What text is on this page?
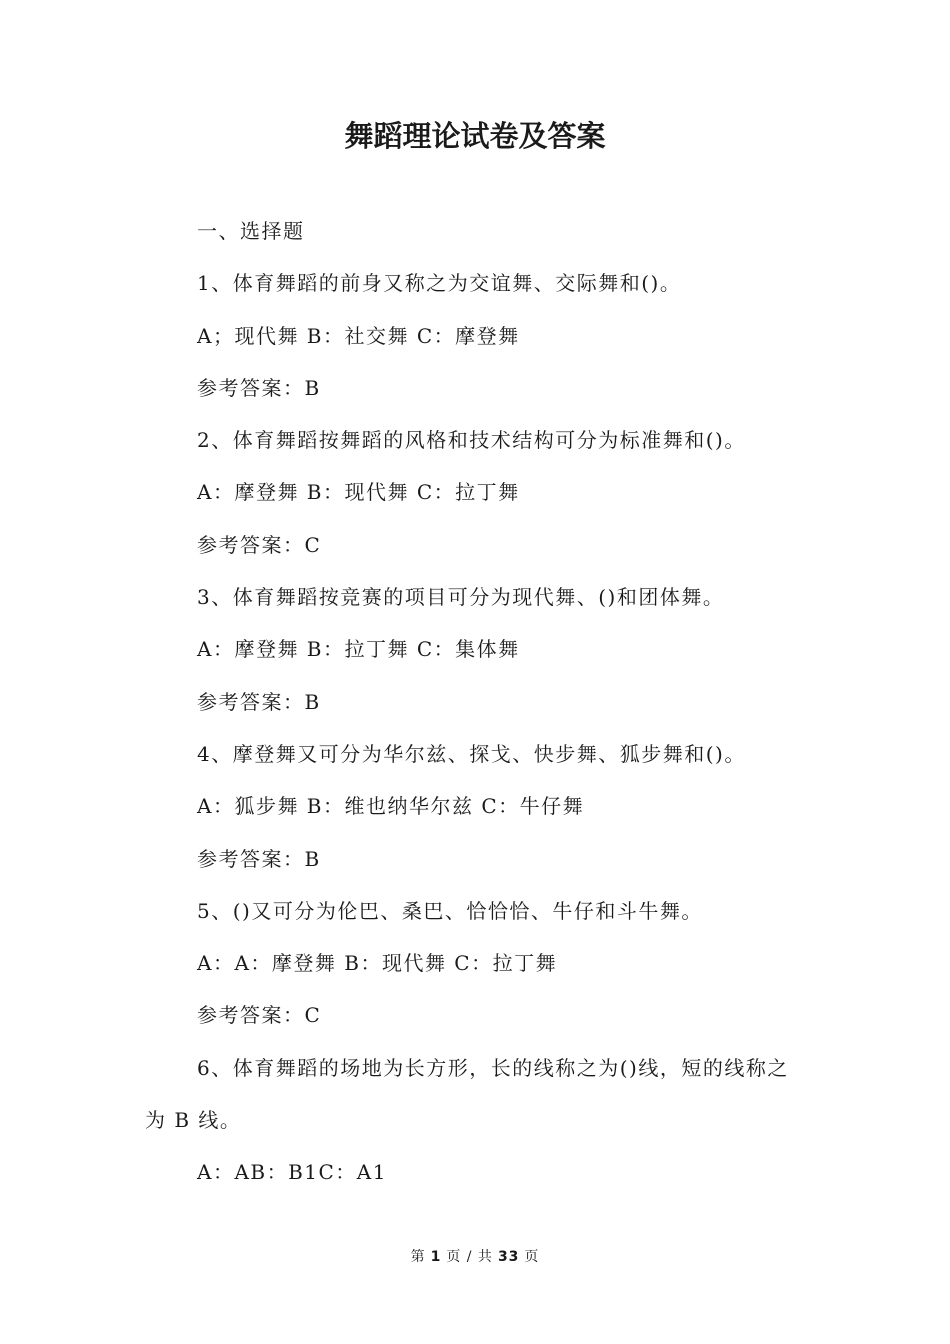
舞蹈理论试卷及答案

一、选择题

1、体育舞蹈的前身又称之为交谊舞、交际舞和()。

A；现代舞 B：社交舞 C：摩登舞

参考答案：B

2、体育舞蹈按舞蹈的风格和技术结构可分为标准舞和()。

A：摩登舞 B：现代舞 C：拉丁舞

参考答案：C

3、体育舞蹈按竞赛的项目可分为现代舞、()和团体舞。

A：摩登舞 B：拉丁舞 C：集体舞

参考答案：B

4、摩登舞又可分为华尔兹、探戈、快步舞、狐步舞和()。

A：狐步舞 B：维也纳华尔兹 C：牛仔舞

参考答案：B

5、()又可分为伦巴、桑巴、恰恰恰、牛仔和斗牛舞。

A：A：摩登舞 B：现代舞 C：拉丁舞

参考答案：C

6、体育舞蹈的场地为长方形，长的线称之为()线，短的线称之

为 B 线。

A：AB：B1C：A1

第 1 页 / 共 33 页
